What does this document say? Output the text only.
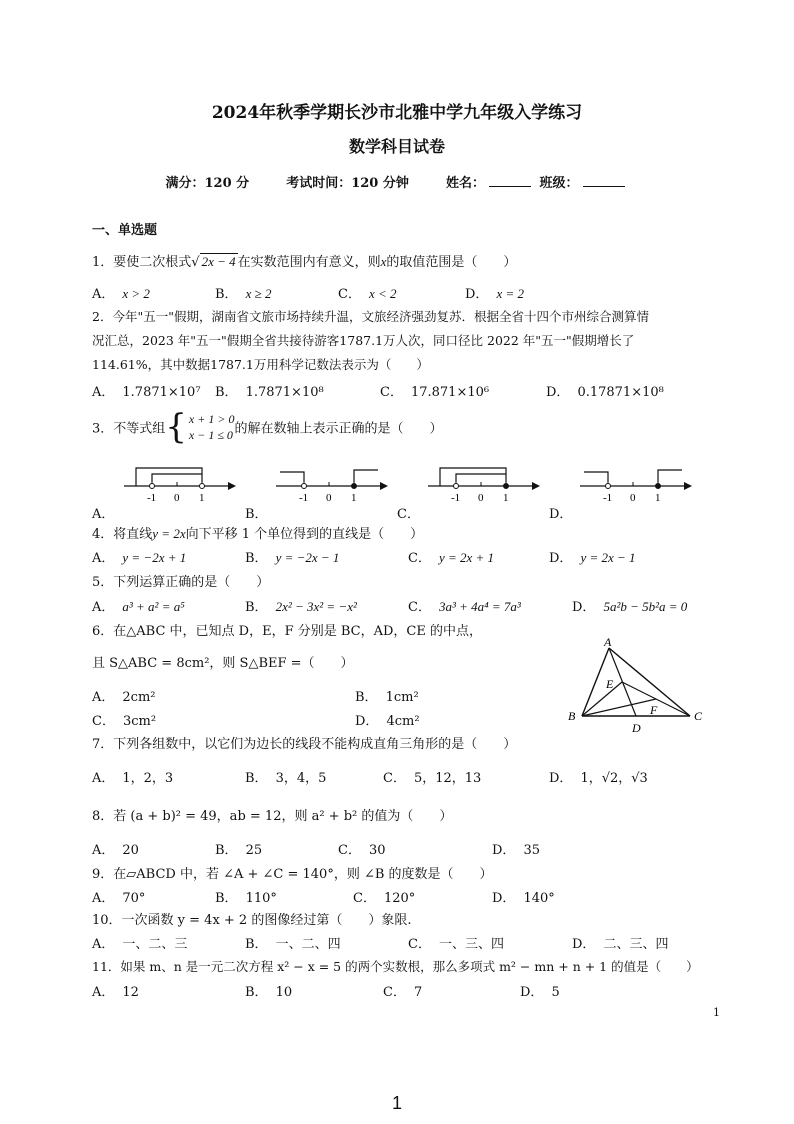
2024年秋季学期长沙市北雅中学九年级入学练习
数学科目试卷
满分：120 分	考试时间：120 分钟	姓名：	班级：
一、单选题
1．要使二次根式√ 2x − 4 在实数范围内有意义，则x的取值范围是（　　）
A． x > 2	B． x ≥ 2	C． x < 2	D． x = 2
2．今年"五一"假期，湖南省文旅市场持续升温，文旅经济强劲复苏．根据全省十四个市州综合测算情
况汇总，2023 年"五一"假期全省共接待游客1787.1万人次，同口径比 2022 年"五一"假期增长了
114.61%，其中数据1787.1万用科学记数法表示为（　　）
A． 1.7871×10⁷ B． 1.7871×10⁸	C． 17.871×10⁶	D． 0.17871×10⁸
3．不等式组{ x + 1 > 0
x − 1 ≤ 0 的解在数轴上表示正确的是（　　）
-1 0 1	-1 0 1	-1 0 1	-1 0 1
A．	B．	C．	D．
4．将直线y = 2x向下平移 1 个单位得到的直线是（　　）
A． y = −2x + 1	B． y = −2x − 1	C． y = 2x + 1	D． y = 2x − 1
5．下列运算正确的是（　　）
A． a³ + a² = a⁵	B． 2x² − 3x² = −x²	C． 3a³ + 4a⁴ = 7a³	D． 5a²b − 5b²a = 0
6．在△ABC 中，已知点 D，E，F 分别是 BC，AD，CE 的中点，
且 S△ABC = 8cm²，则 S△BEF =（　　）
A． 2cm²	B． 1cm²
C． 3cm²	D． 4cm²
A
B	C
D
E
F
7．下列各组数中，以它们为边长的线段不能构成直角三角形的是（　　）
A． 1，2，3	B． 3，4，5	C． 5，12，13	D． 1，√2，√3
8．若 (a + b)² = 49，ab = 12，则 a² + b² 的值为（　　）
A． 20	B． 25	C． 30	D． 35
9．在▱ABCD 中，若 ∠A + ∠C = 140°，则 ∠B 的度数是（　　）
A． 70°	B． 110°	C． 120°	D． 140°
10．一次函数 y = 4x + 2 的图像经过第（　　）象限.
A． 一、二、三	B． 一、二、四	C． 一、三、四	D． 二、三、四
11．如果 m、n 是一元二次方程 x² − x = 5 的两个实数根，那么多项式 m² − mn + n + 1 的值是（　　）
A． 12	B． 10	C． 7	D． 5
1
1
